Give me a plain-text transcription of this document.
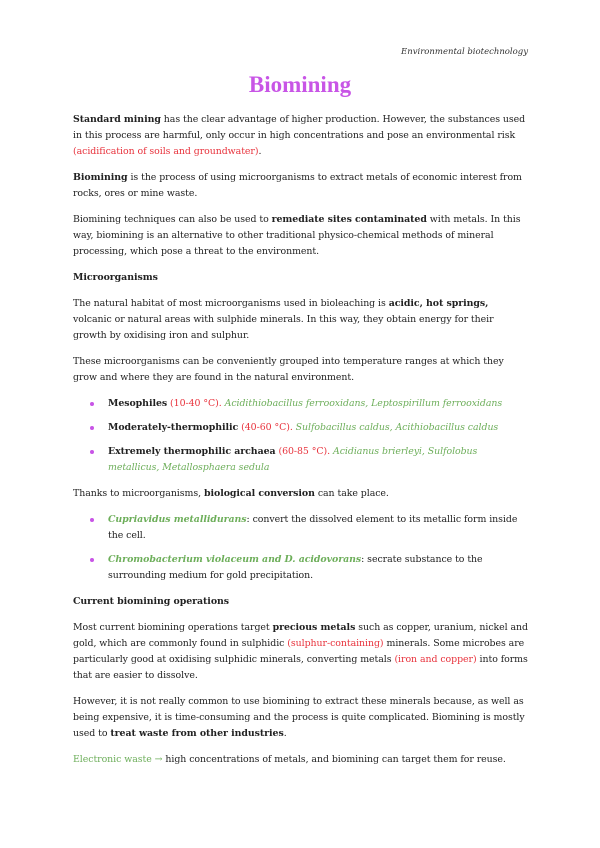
Environmental biotechnology
Biomining

Standard mining has the clear advantage of higher production. However, the substances used in this process are harmful, only occur in high concentrations and pose an environmental risk (acidification of soils and groundwater).

Biomining is the process of using microorganisms to extract metals of economic interest from rocks, ores or mine waste.

Biomining techniques can also be used to remediate sites contaminated with metals. In this way, biomining is an alternative to other traditional physico-chemical methods of mineral processing, which pose a threat to the environment.

Microorganisms

The natural habitat of most microorganisms used in bioleaching is acidic, hot springs, volcanic or natural areas with sulphide minerals. In this way, they obtain energy for their growth by oxidising iron and sulphur.

These microorganisms can be conveniently grouped into temperature ranges at which they grow and where they are found in the natural environment.

Mesophiles (10-40 °C). Acidithiobacillus ferrooxidans, Leptospirillum ferrooxidans
Moderately-thermophilic (40-60 °C). Sulfobacillus caldus, Acithiobacillus caldus
Extremely thermophilic archaea (60-85 °C). Acidianus brierleyi, Sulfolobus metallicus, Metallosphaera sedula

Thanks to microorganisms, biological conversion can take place.

Cupriavidus metallidurans: convert the dissolved element to its metallic form inside the cell.
Chromobacterium violaceum and D. acidovorans: secrate substance to the surrounding medium for gold precipitation.
Current biomining operations

Most current biomining operations target precious metals such as copper, uranium, nickel and gold, which are commonly found in sulphidic (sulphur-containing) minerals. Some microbes are particularly good at oxidising sulphidic minerals, converting metals (iron and copper) into forms that are easier to dissolve.

However, it is not really common to use biomining to extract these minerals because, as well as being expensive, it is time-consuming and the process is quite complicated. Biomining is mostly used to treat waste from other industries.

Electronic waste → high concentrations of metals, and biomining can target them for reuse.
